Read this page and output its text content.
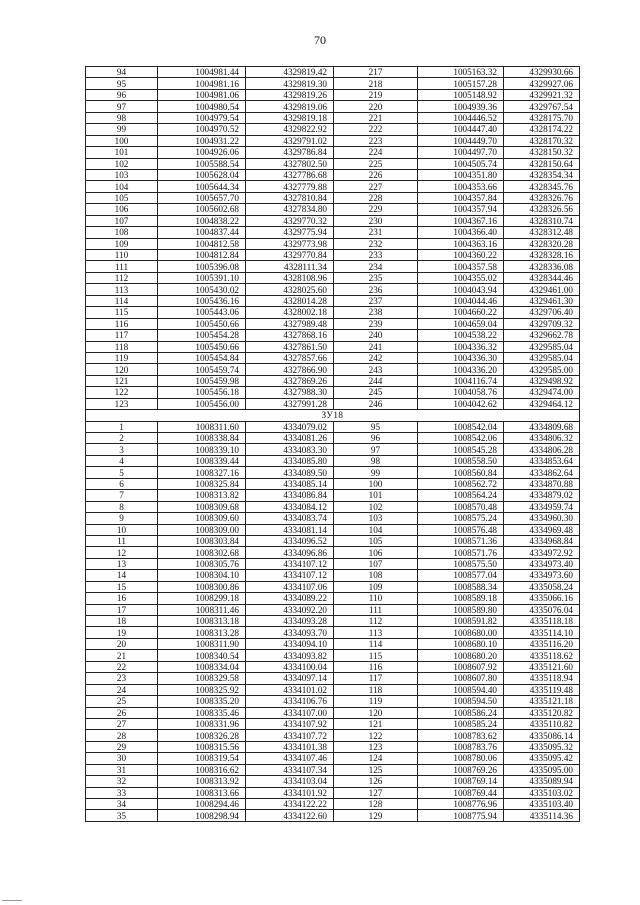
70
94	1004981.44	4329819.42	217	1005163.32	4329930.66
95	1004981.16	4329819.30	218	1005157.28	4329927.06
96	1004981.06	4329819.26	219	1005148.92	4329921.32
97	1004980.54	4329819.06	220	1004939.36	4329767.54
98	1004979.54	4329819.18	221	1004446.52	4328175.70
99	1004970.52	4329822.92	222	1004447.40	4328174.22
100	1004931.22	4329791.02	223	1004449.70	4328170.32
101	1004926.06	4329786.84	224	1004497.70	4328150.32
102	1005588.54	4327802.50	225	1004505.74	4328150.64
103	1005628.04	4327786.68	226	1004351.80	4328354.34
104	1005644.34	4327779.88	227	1004353.66	4328345.76
105	1005657.70	4327810.84	228	1004357.84	4328326.76
106	1005602.68	4327834.80	229	1004357.94	4328326.56
107	1004838.22	4329770.32	230	1004367.16	4328310.74
108	1004837.44	4329775.94	231	1004366.40	4328312.48
109	1004812.58	4329773.98	232	1004363.16	4328320.28
110	1004812.84	4329770.84	233	1004360.22	4328328.16
111	1005396.08	4328111.34	234	1004357.58	4328336.08
112	1005391.10	4328108.96	235	1004355.02	4328344.46
113	1005430.02	4328025.60	236	1004043.94	4329461.00
114	1005436.16	4328014.28	237	1004044.46	4329461.30
115	1005443.06	4328002.18	238	1004660.22	4329706.40
116	1005450.66	4327989.48	239	1004659.04	4329709.32
117	1005454.28	4327868.16	240	1004538.22	4329662.78
118	1005450.66	4327861.50	241	1004336.32	4329585.04
119	1005454.84	4327857.66	242	1004336.30	4329585.04
120	1005459.74	4327866.90	243	1004336.20	4329585.00
121	1005459.98	4327869.26	244	1004116.74	4329498.92
122	1005456.18	4327988.30	245	1004058.76	4329474.00
123	1005456.00	4327991.28	246	1004042.62	4329464.12
ЗУ18					
1	1008311.60	4334079.02	95	1008542.04	4334809.68
2	1008338.84	4334081.26	96	1008542.06	4334806.32
3	1008339.10	4334083.30	97	1008545.28	4334806.28
4	1008339.44	4334085.80	98	1008558.50	4334853.64
5	1008327.16	4334089.50	99	1008560.84	4334862.64
6	1008325.84	4334085.14	100	1008562.72	4334870.88
7	1008313.82	4334086.84	101	1008564.24	4334879.02
8	1008309.68	4334084.12	102	1008570.48	4334959.74
9	1008309.60	4334083.74	103	1008575.24	4334960.30
10	1008309.00	4334081.14	104	1008576.48	4334969.48
11	1008303.84	4334096.52	105	1008571.36	4334968.84
12	1008302.68	4334096.86	106	1008571.76	4334972.92
13	1008305.76	4334107.12	107	1008575.50	4334973.40
14	1008304.10	4334107.12	108	1008577.04	4334973.60
15	1008300.86	4334107.06	109	1008588.34	4335058.24
16	1008299.18	4334089.22	110	1008589.18	4335066.16
17	1008311.46	4334092.20	111	1008589.80	4335076.04
18	1008313.18	4334093.28	112	1008591.82	4335118.18
19	1008313.28	4334093.70	113	1008680.00	4335114.10
20	1008311.90	4334094.10	114	1008680.10	4335116.20
21	1008340.54	4334093.82	115	1008680.20	4335118.62
22	1008334.04	4334100.04	116	1008607.92	4335121.60
23	1008329.58	4334097.14	117	1008607.80	4335118.94
24	1008325.92	4334101.02	118	1008594.40	4335119.48
25	1008335.20	4334106.76	119	1008594.50	4335121.18
26	1008335.46	4334107.00	120	1008586.24	4335120.82
27	1008331.96	4334107.92	121	1008585.24	4335110.82
28	1008326.28	4334107.72	122	1008783.62	4335086.14
29	1008315.56	4334101.38	123	1008783.76	4335095.32
30	1008319.54	4334107.46	124	1008780.06	4335095.42
31	1008316.62	4334107.34	125	1008769.26	4335095.00
32	1008313.92	4334103.04	126	1008769.14	4335089.94
33	1008313.66	4334101.92	127	1008769.44	4335103.02
34	1008294.46	4334122.22	128	1008776.96	4335103.40
35	1008298.94	4334122.60	129	1008775.94	4335114.36
